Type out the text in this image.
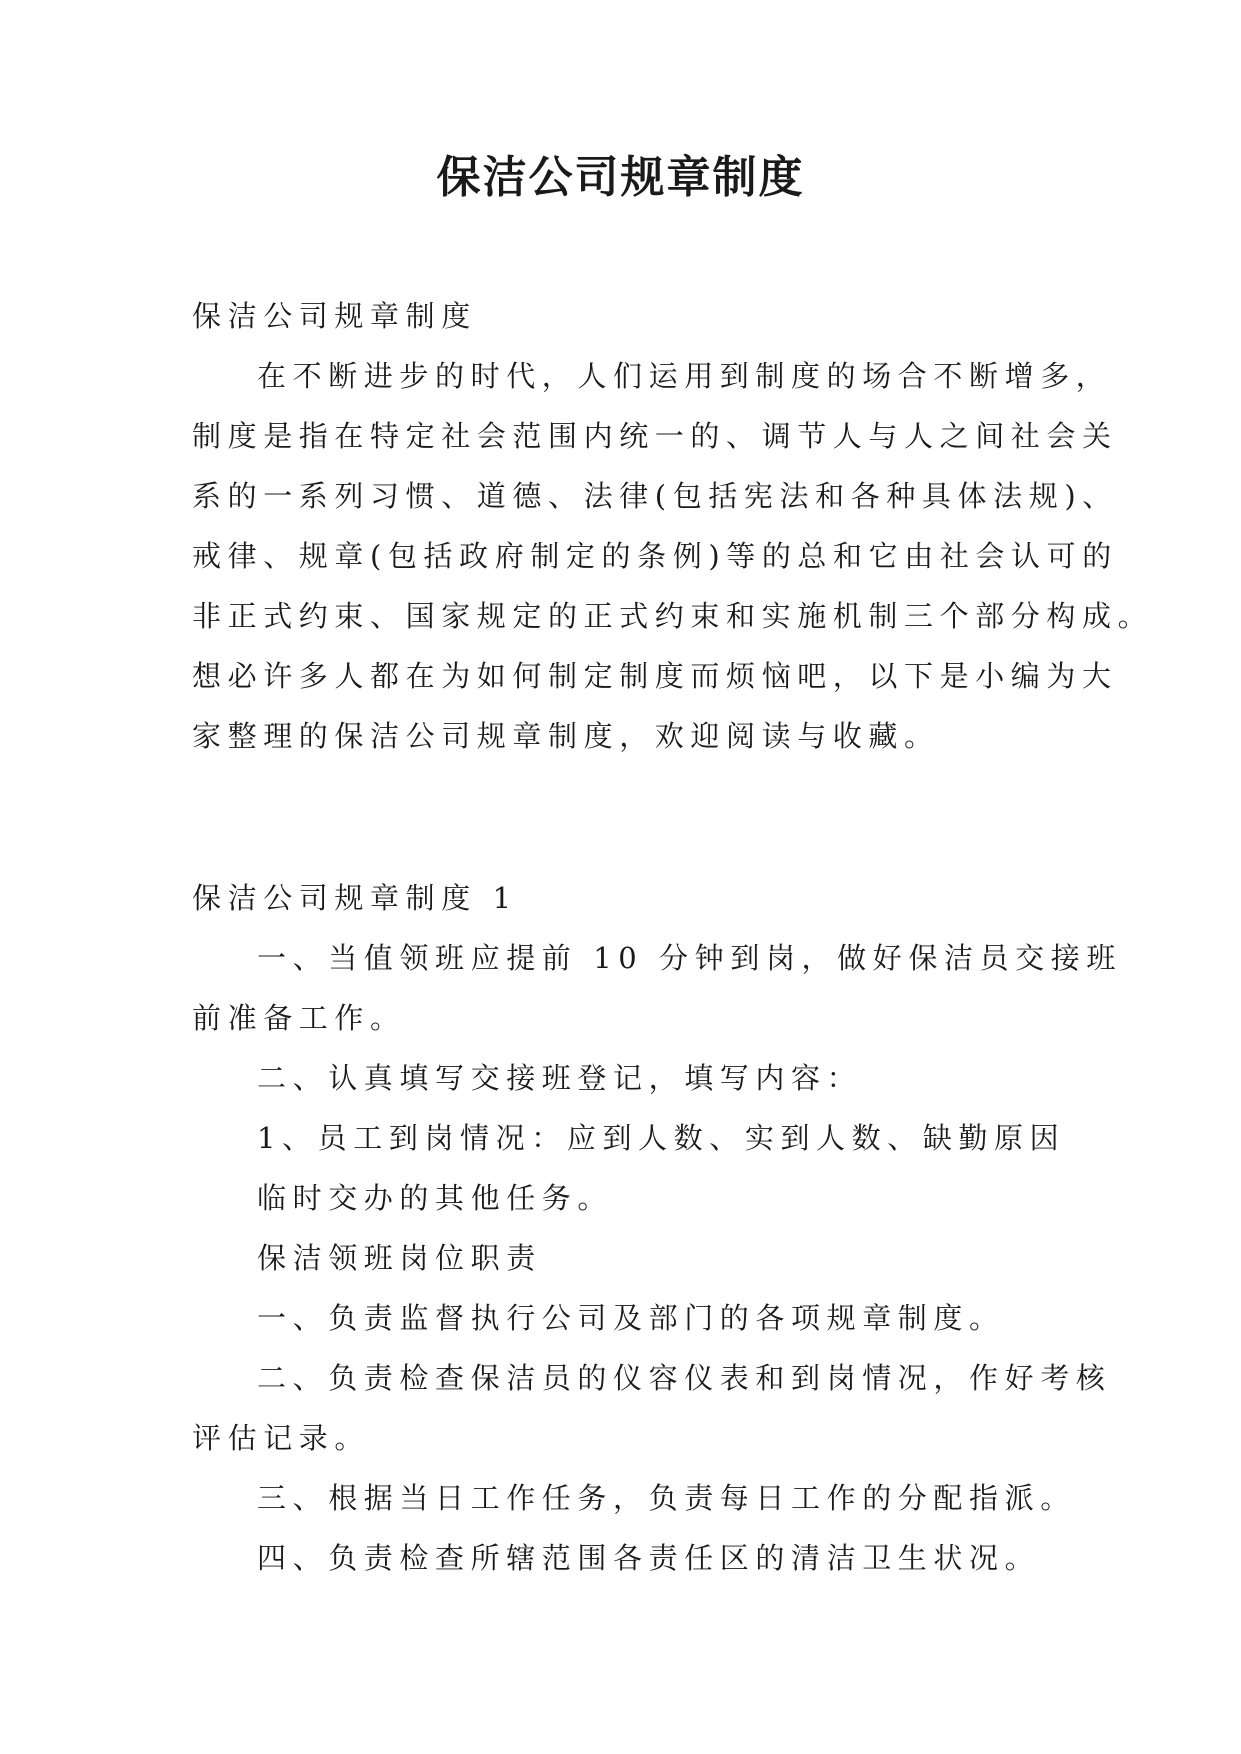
保洁公司规章制度
保洁公司规章制度
在不断进步的时代，人们运用到制度的场合不断增多，
制度是指在特定社会范围内统一的、调节人与人之间社会关
系的一系列习惯、道德、法律(包括宪法和各种具体法规)、
戒律、规章(包括政府制定的条例)等的总和它由社会认可的
非正式约束、国家规定的正式约束和实施机制三个部分构成。
想必许多人都在为如何制定制度而烦恼吧，以下是小编为大
家整理的保洁公司规章制度，欢迎阅读与收藏。
保洁公司规章制度 1
一、当值领班应提前 10 分钟到岗，做好保洁员交接班
前准备工作。
二、认真填写交接班登记，填写内容：
1、员工到岗情况：应到人数、实到人数、缺勤原因
临时交办的其他任务。
保洁领班岗位职责
一、负责监督执行公司及部门的各项规章制度。
二、负责检查保洁员的仪容仪表和到岗情况，作好考核
评估记录。
三、根据当日工作任务，负责每日工作的分配指派。
四、负责检查所辖范围各责任区的清洁卫生状况。
